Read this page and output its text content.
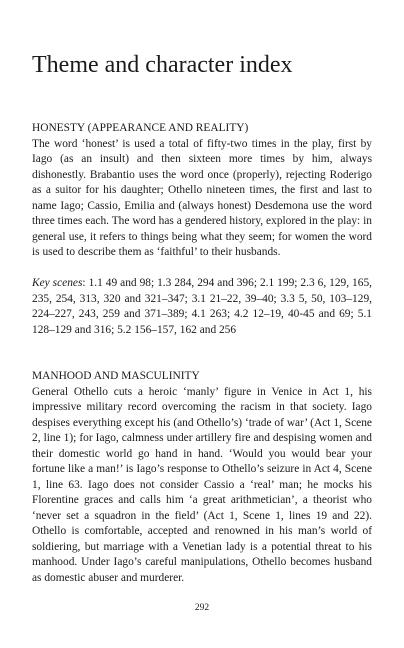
Theme and character index

HONESTY (APPEARANCE AND REALITY)

The word ‘honest’ is used a total of fifty-two times in the play, first by Iago (as an insult) and then sixteen more times by him, always dishonestly. Brabantio uses the word once (properly), rejecting Roderigo as a suitor for his daughter; Othello nineteen times, the first and last to name Iago; Cassio, Emilia and (always honest) Desdemona use the word three times each. The word has a gendered history, explored in the play: in general use, it refers to things being what they seem; for women the word is used to describe them as ‘faithful’ to their husbands.

Key scenes: 1.1 49 and 98; 1.3 284, 294 and 396; 2.1 199; 2.3 6, 129, 165, 235, 254, 313, 320 and 321–347; 3.1 21–22, 39–40; 3.3 5, 50, 103–129, 224–227, 243, 259 and 371–389; 4.1 263; 4.2 12–19, 40-45 and 69; 5.1 128–129 and 316; 5.2 156–157, 162 and 256

MANHOOD AND MASCULINITY

General Othello cuts a heroic ‘manly’ figure in Venice in Act 1, his impressive military record overcoming the racism in that society. Iago despises everything except his (and Othello’s) ‘trade of war’ (Act 1, Scene 2, line 1); for Iago, calmness under artillery fire and despising women and their domestic world go hand in hand. ‘Would you would bear your fortune like a man!’ is Iago’s response to Othello’s seizure in Act 4, Scene 1, line 63. Iago does not consider Cassio a ‘real’ man; he mocks his Florentine graces and calls him ‘a great arithmetician’, a theorist who ‘never set a squadron in the field’ (Act 1, Scene 1, lines 19 and 22). Othello is comfortable, accepted and renowned in his man’s world of soldiering, but marriage with a Venetian lady is a potential threat to his manhood. Under Iago’s careful manipulations, Othello becomes husband as domestic abuser and murderer.

292
